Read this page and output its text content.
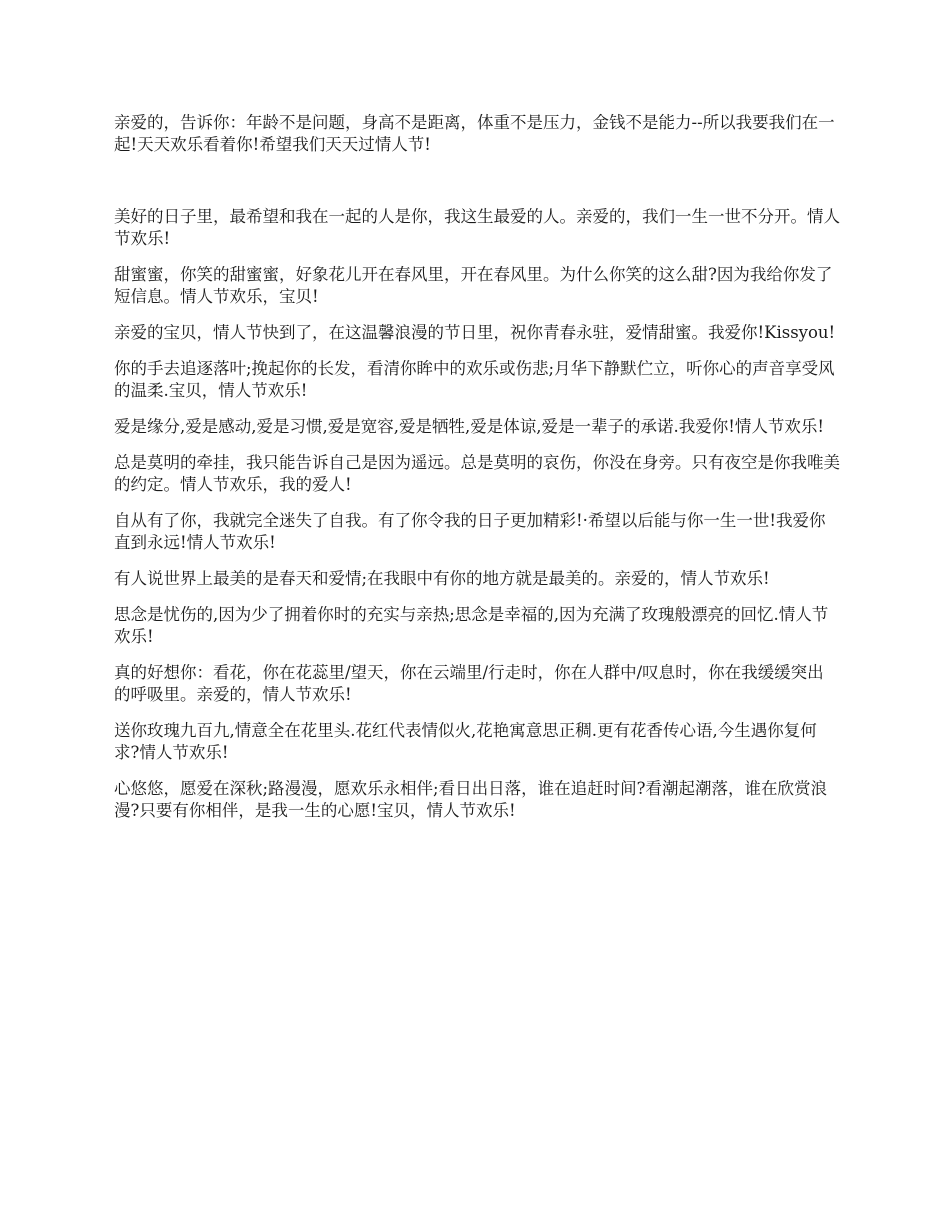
亲爱的，告诉你：年龄不是问题，身高不是距离，体重不是压力，金钱不是能力--所以我要我们在一起!天天欢乐看着你!希望我们天天过情人节!

美好的日子里，最希望和我在一起的人是你，我这生最爱的人。亲爱的，我们一生一世不分开。情人节欢乐!

甜蜜蜜，你笑的甜蜜蜜，好象花儿开在春风里，开在春风里。为什么你笑的这么甜?因为我给你发了短信息。情人节欢乐，宝贝!

亲爱的宝贝，情人节快到了，在这温馨浪漫的节日里，祝你青春永驻，爱情甜蜜。我爱你!Kissyou!

你的手去追逐落叶;挽起你的长发，看清你眸中的欢乐或伤悲;月华下静默伫立，听你心的声音享受风的温柔.宝贝，情人节欢乐!

爱是缘分,爱是感动,爱是习惯,爱是宽容,爱是牺牲,爱是体谅,爱是一辈子的承诺.我爱你!情人节欢乐!

总是莫明的牵挂，我只能告诉自己是因为遥远。总是莫明的哀伤，你没在身旁。只有夜空是你我唯美的约定。情人节欢乐，我的爱人!

自从有了你，我就完全迷失了自我。有了你令我的日子更加精彩!·希望以后能与你一生一世!我爱你直到永远!情人节欢乐!

有人说世界上最美的是春天和爱情;在我眼中有你的地方就是最美的。亲爱的，情人节欢乐!

思念是忧伤的,因为少了拥着你时的充实与亲热;思念是幸福的,因为充满了玫瑰般漂亮的回忆.情人节欢乐!

真的好想你：看花，你在花蕊里/望天，你在云端里/行走时，你在人群中/叹息时，你在我缓缓突出的呼吸里。亲爱的，情人节欢乐!

送你玫瑰九百九,情意全在花里头.花红代表情似火,花艳寓意思正稠.更有花香传心语,今生遇你复何求?情人节欢乐!

心悠悠，愿爱在深秋;路漫漫，愿欢乐永相伴;看日出日落，谁在追赶时间?看潮起潮落，谁在欣赏浪漫?只要有你相伴，是我一生的心愿!宝贝，情人节欢乐!
